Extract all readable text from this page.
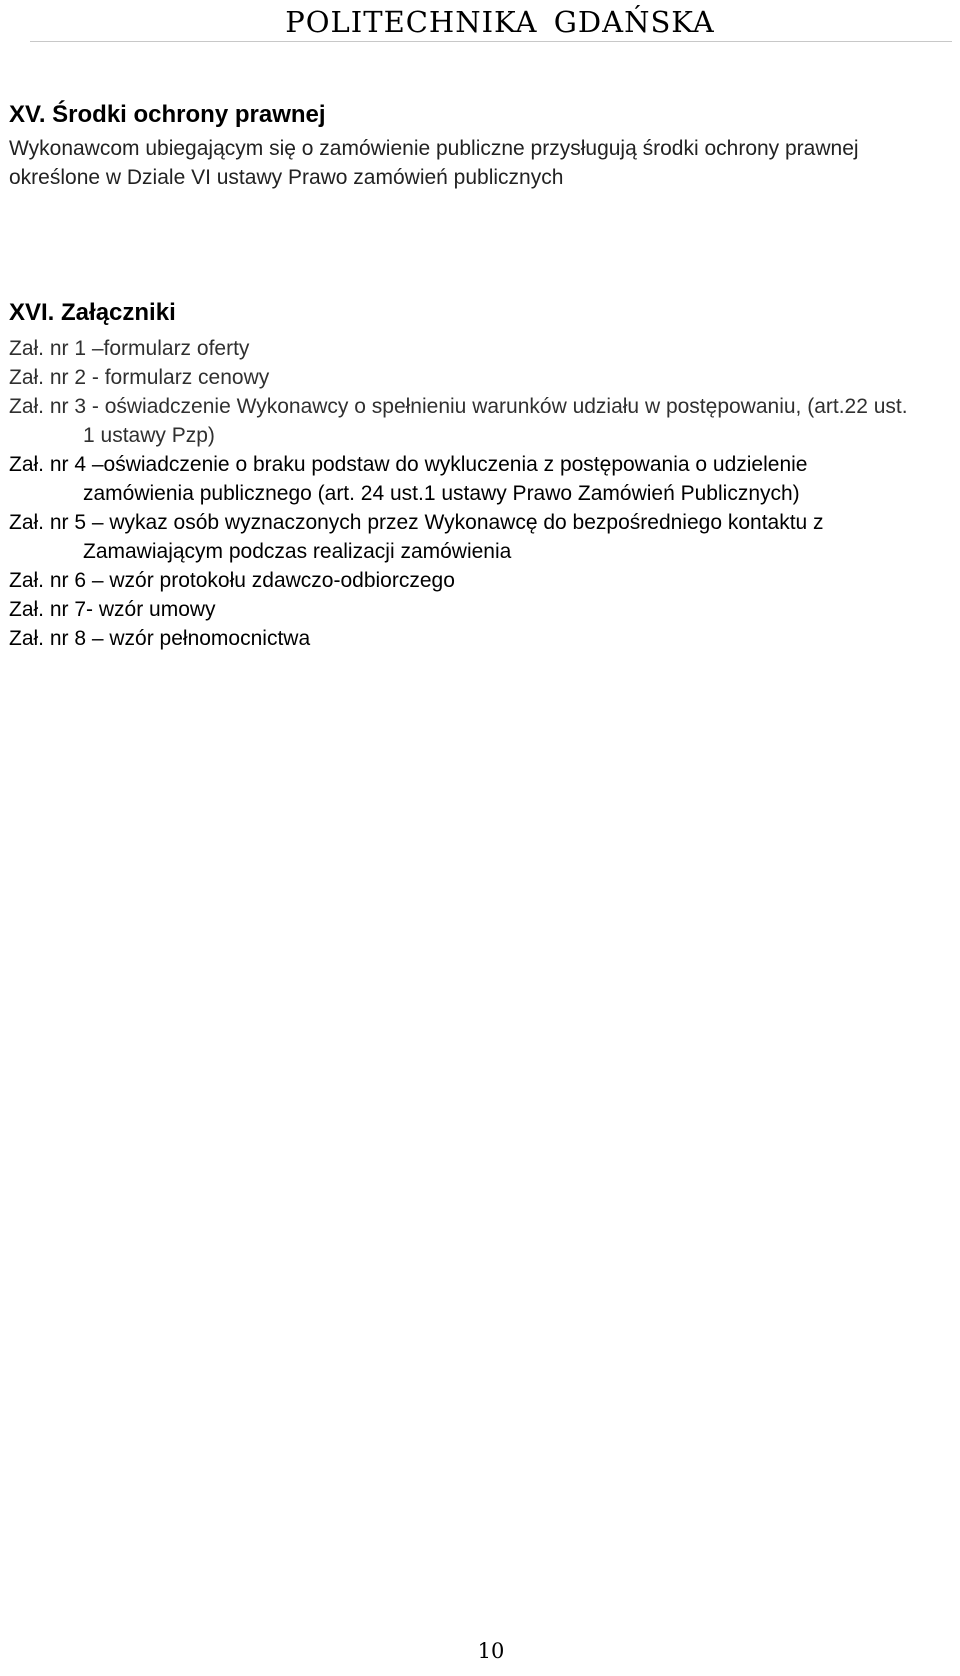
POLITECHNIKA GDAŃSKA
XV. Środki ochrony prawnej

Wykonawcom ubiegającym się o zamówienie publiczne przysługują środki ochrony prawnej określone w Dziale VI ustawy Prawo zamówień publicznych

XVI. Załączniki
Zał. nr 1 –formularz oferty
Zał. nr 2 - formularz cenowy
Zał. nr 3 - oświadczenie Wykonawcy o spełnieniu warunków udziału w postępowaniu, (art.22 ust. 1 ustawy Pzp)
Zał. nr 4 –oświadczenie o braku podstaw do wykluczenia z postępowania o udzielenie zamówienia publicznego (art. 24 ust.1 ustawy Prawo Zamówień Publicznych)
Zał. nr 5 – wykaz osób wyznaczonych przez Wykonawcę do bezpośredniego kontaktu z Zamawiającym podczas realizacji zamówienia
Zał. nr 6 – wzór protokołu zdawczo-odbiorczego
Zał. nr 7- wzór umowy
Zał. nr 8 – wzór pełnomocnictwa
10
